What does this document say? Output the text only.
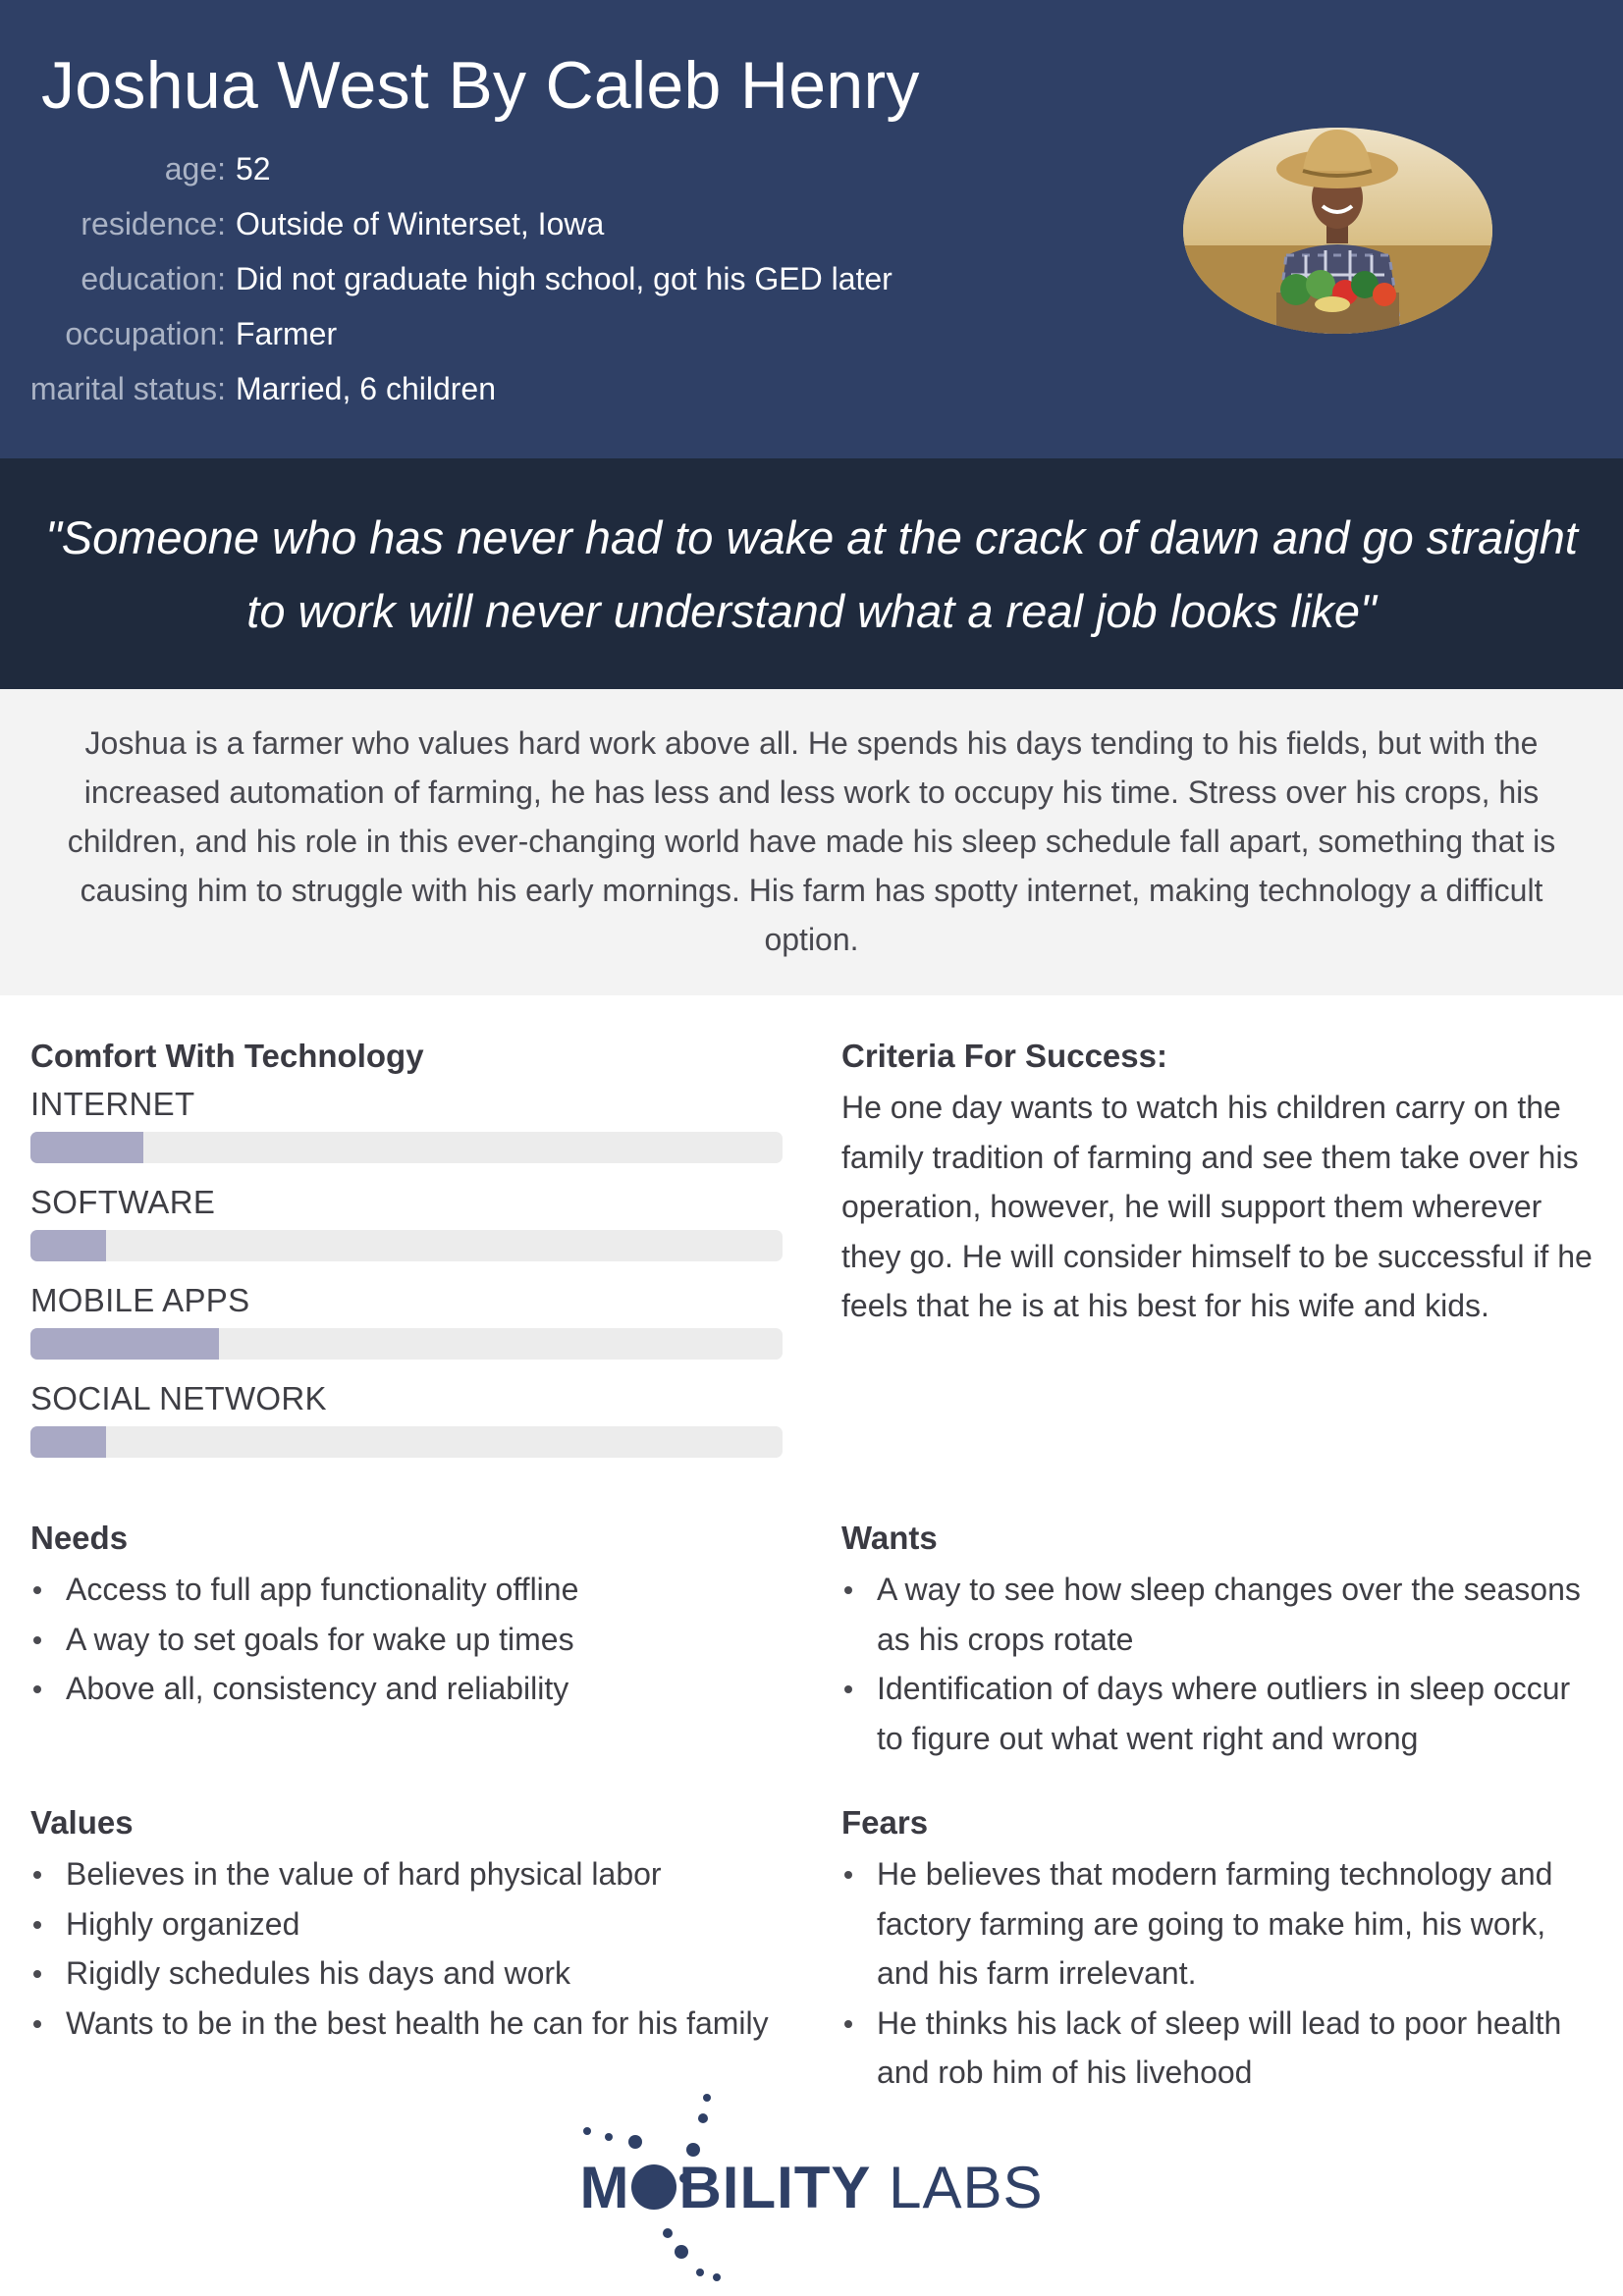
Joshua West By Caleb Henry
age: 52
residence: Outside of Winterset, Iowa
education: Did not graduate high school, got his GED later
occupation: Farmer
marital status: Married, 6 children
"Someone who has never had to wake at the crack of dawn and go straight to work will never understand what a real job looks like"
Joshua is a farmer who values hard work above all. He spends his days tending to his fields, but with the increased automation of farming, he has less and less work to occupy his time. Stress over his crops, his children, and his role in this ever-changing world have made his sleep schedule fall apart, something that is causing him to struggle with his early mornings. His farm has spotty internet, making technology a difficult option.
Comfort With Technology
INTERNET
SOFTWARE
MOBILE APPS
SOCIAL NETWORK
Criteria For Success:
He one day wants to watch his children carry on the family tradition of farming and see them take over his operation, however, he will support them wherever they go. He will consider himself to be successful if he feels that he is at his best for his wife and kids.
Needs
Access to full app functionality offline
A way to set goals for wake up times
Above all, consistency and reliability
Wants
A way to see how sleep changes over the seasons as his crops rotate
Identification of days where outliers in sleep occur to figure out what went right and wrong
Values
Believes in the value of hard physical labor
Highly organized
Rigidly schedules his days and work
Wants to be in the best health he can for his family
Fears
He believes that modern farming technology and factory farming are going to make him, his work, and his farm irrelevant.
He thinks his lack of sleep will lead to poor health and rob him of his livehood
M BILITY LABS
